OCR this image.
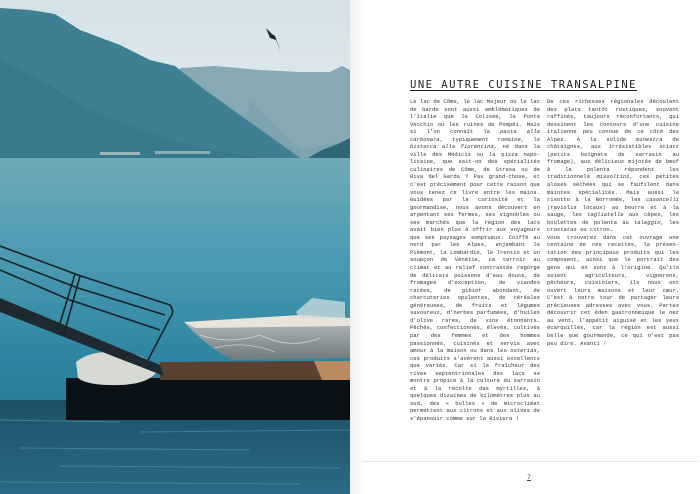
UNE AUTRE CUISINE TRANSALPINE

Le lac de Côme, le lac Majeur ou le lac de Garde sont aussi emblématiques de l'Italie que le Colisée, le Ponte Vecchio ou les ruines de Pompéi. Mais si l'on connaît la pasta alla carbonara, typiquement romaine, le bistecca alla fiorentina, né dans la ville des Médicis ou la pizza napolitaine, que sait-on des spécialités culinaires de Côme, de Stresa ou de Riva del Garda ? Pas grand-chose, et c'est précisément pour cette raison que vous tenez ce livre entre les mains. Guidées par la curiosité et la gourmandise, nous avons découvert en arpentant ses fermes, ses vignobles ou ses marchés que la région des lacs avait bien plus à offrir aux voyageurs que ses paysages somptueux. Coiffé au nord par les Alpes, enjambant le Piémont, la Lombardie, le Trentin et un soupçon de Vénétie, ce terroir au climat et au relief contrastés regorge de délicats poissons d'eau douce, de fromages d'exception, de viandes racées, de gibier abondant, de charcuteries opulentes, de céréales généreuses, de fruits et légumes savoureux, d'herbes parfumées, d'huiles d'olive rares, de vins étonnants… Pêchés, confectionnés, élevés, cultivés par des femmes et des hommes passionnés, cuisinés et servis avec amour à la maison ou dans les osterias, ces produits s'avèrent aussi excellents que variés. Car si la fraîcheur des rives septentrionales des lacs se montre propice à la culture du sarrasin et à la récolte des myrtilles, à quelques dizaines de kilomètres plus au sud, des « bulles » de microclimat permettent aux citrons et aux olives de s'épanouir comme sur la Riviera !

De ces richesses régionales découlent des plats tantôt rustiques, souvent raffinés, toujours réconfortants, qui dessinent les contours d'une cuisine italienne peu connue de ce côté des Alpes. À la solide minestra de châtaignes, aux irrésistibles sciatt (petits beignets de sarrasin au fromage), aux délicieux mijotés de bœuf à la polenta répondent les traditionnels missoltini, ces petites aloses séchées qui se faufilent dans maintes spécialités. Mais aussi le risotto à la Borromée, les casoncelli (raviolis locaux) au beurre et à la sauge, les tagliatelle aux cèpes, les boulettes de polenta au taleggio, les crostatas au citron…

Vous trouverez dans cet ouvrage une centaine de ces recettes, la présentation des principaux produits qui les composent, ainsi que le portrait des gens qui en sont à l'origine. Qu'ils soient agriculteurs, vignerons, pêcheurs, cuisiniers, ils nous ont ouvert leurs maisons et leur cœur. C'est à notre tour de partager leurs précieuses adresses avec vous. Partez découvrir cet éden gastronomique le nez au vent, l'appétit aiguisé et les yeux écarquillés, car la région est aussi belle que gourmande, ce qui n'est pas peu dire. Avanti !

7
